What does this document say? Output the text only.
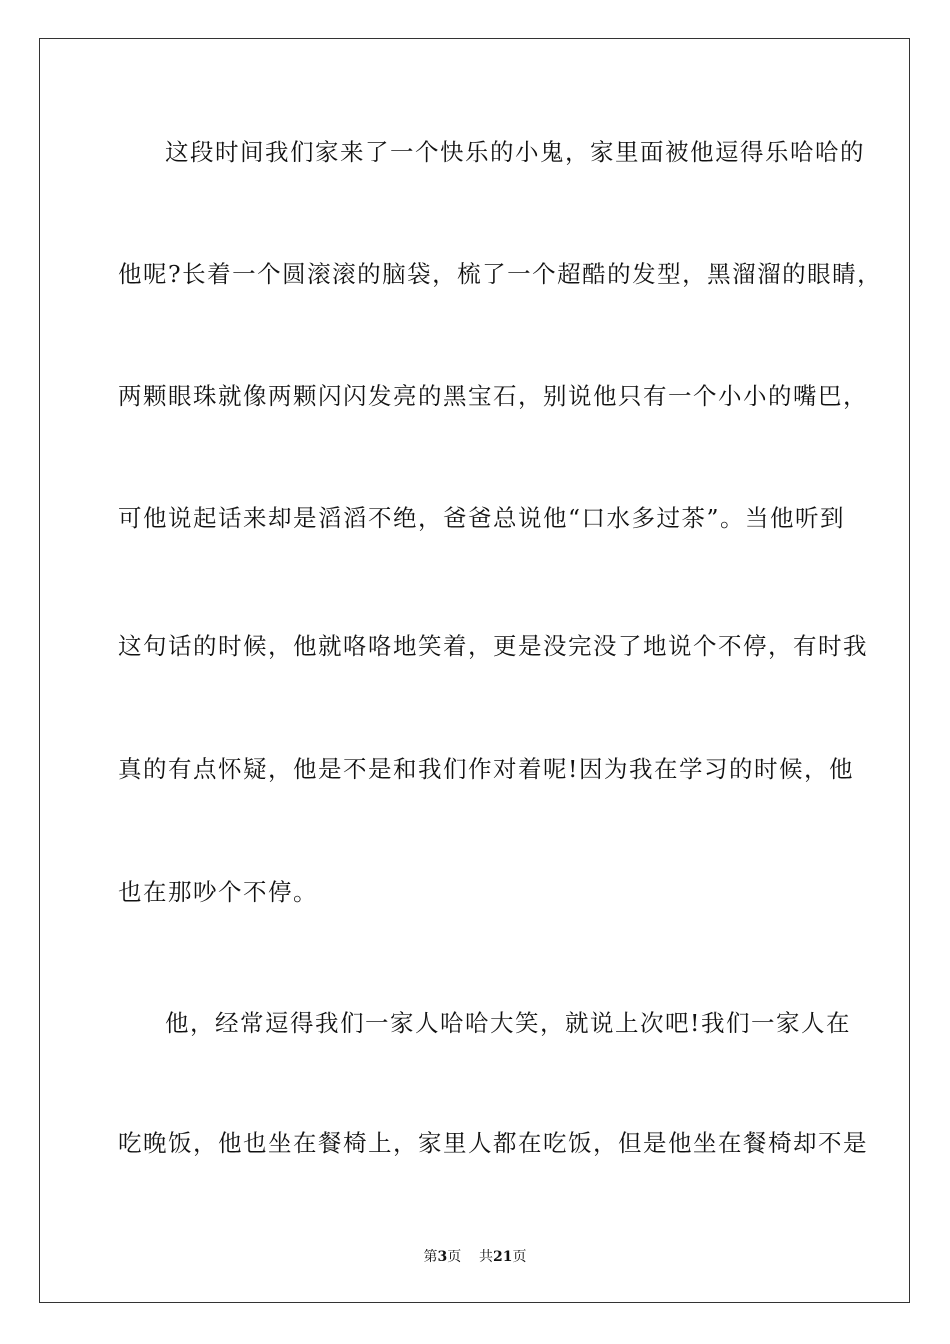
这段时间我们家来了一个快乐的小鬼，家里面被他逗得乐哈哈的
他呢?长着一个圆滚滚的脑袋，梳了一个超酷的发型，黑溜溜的眼睛，
两颗眼珠就像两颗闪闪发亮的黑宝石，别说他只有一个小小的嘴巴，
可他说起话来却是滔滔不绝，爸爸总说他“口水多过茶”。当他听到
这句话的时候，他就咯咯地笑着，更是没完没了地说个不停，有时我
真的有点怀疑，他是不是和我们作对着呢!因为我在学习的时候，他
也在那吵个不停。
他，经常逗得我们一家人哈哈大笑，就说上次吧!我们一家人在
吃晚饭，他也坐在餐椅上，家里人都在吃饭，但是他坐在餐椅却不是
第3页 共21页
